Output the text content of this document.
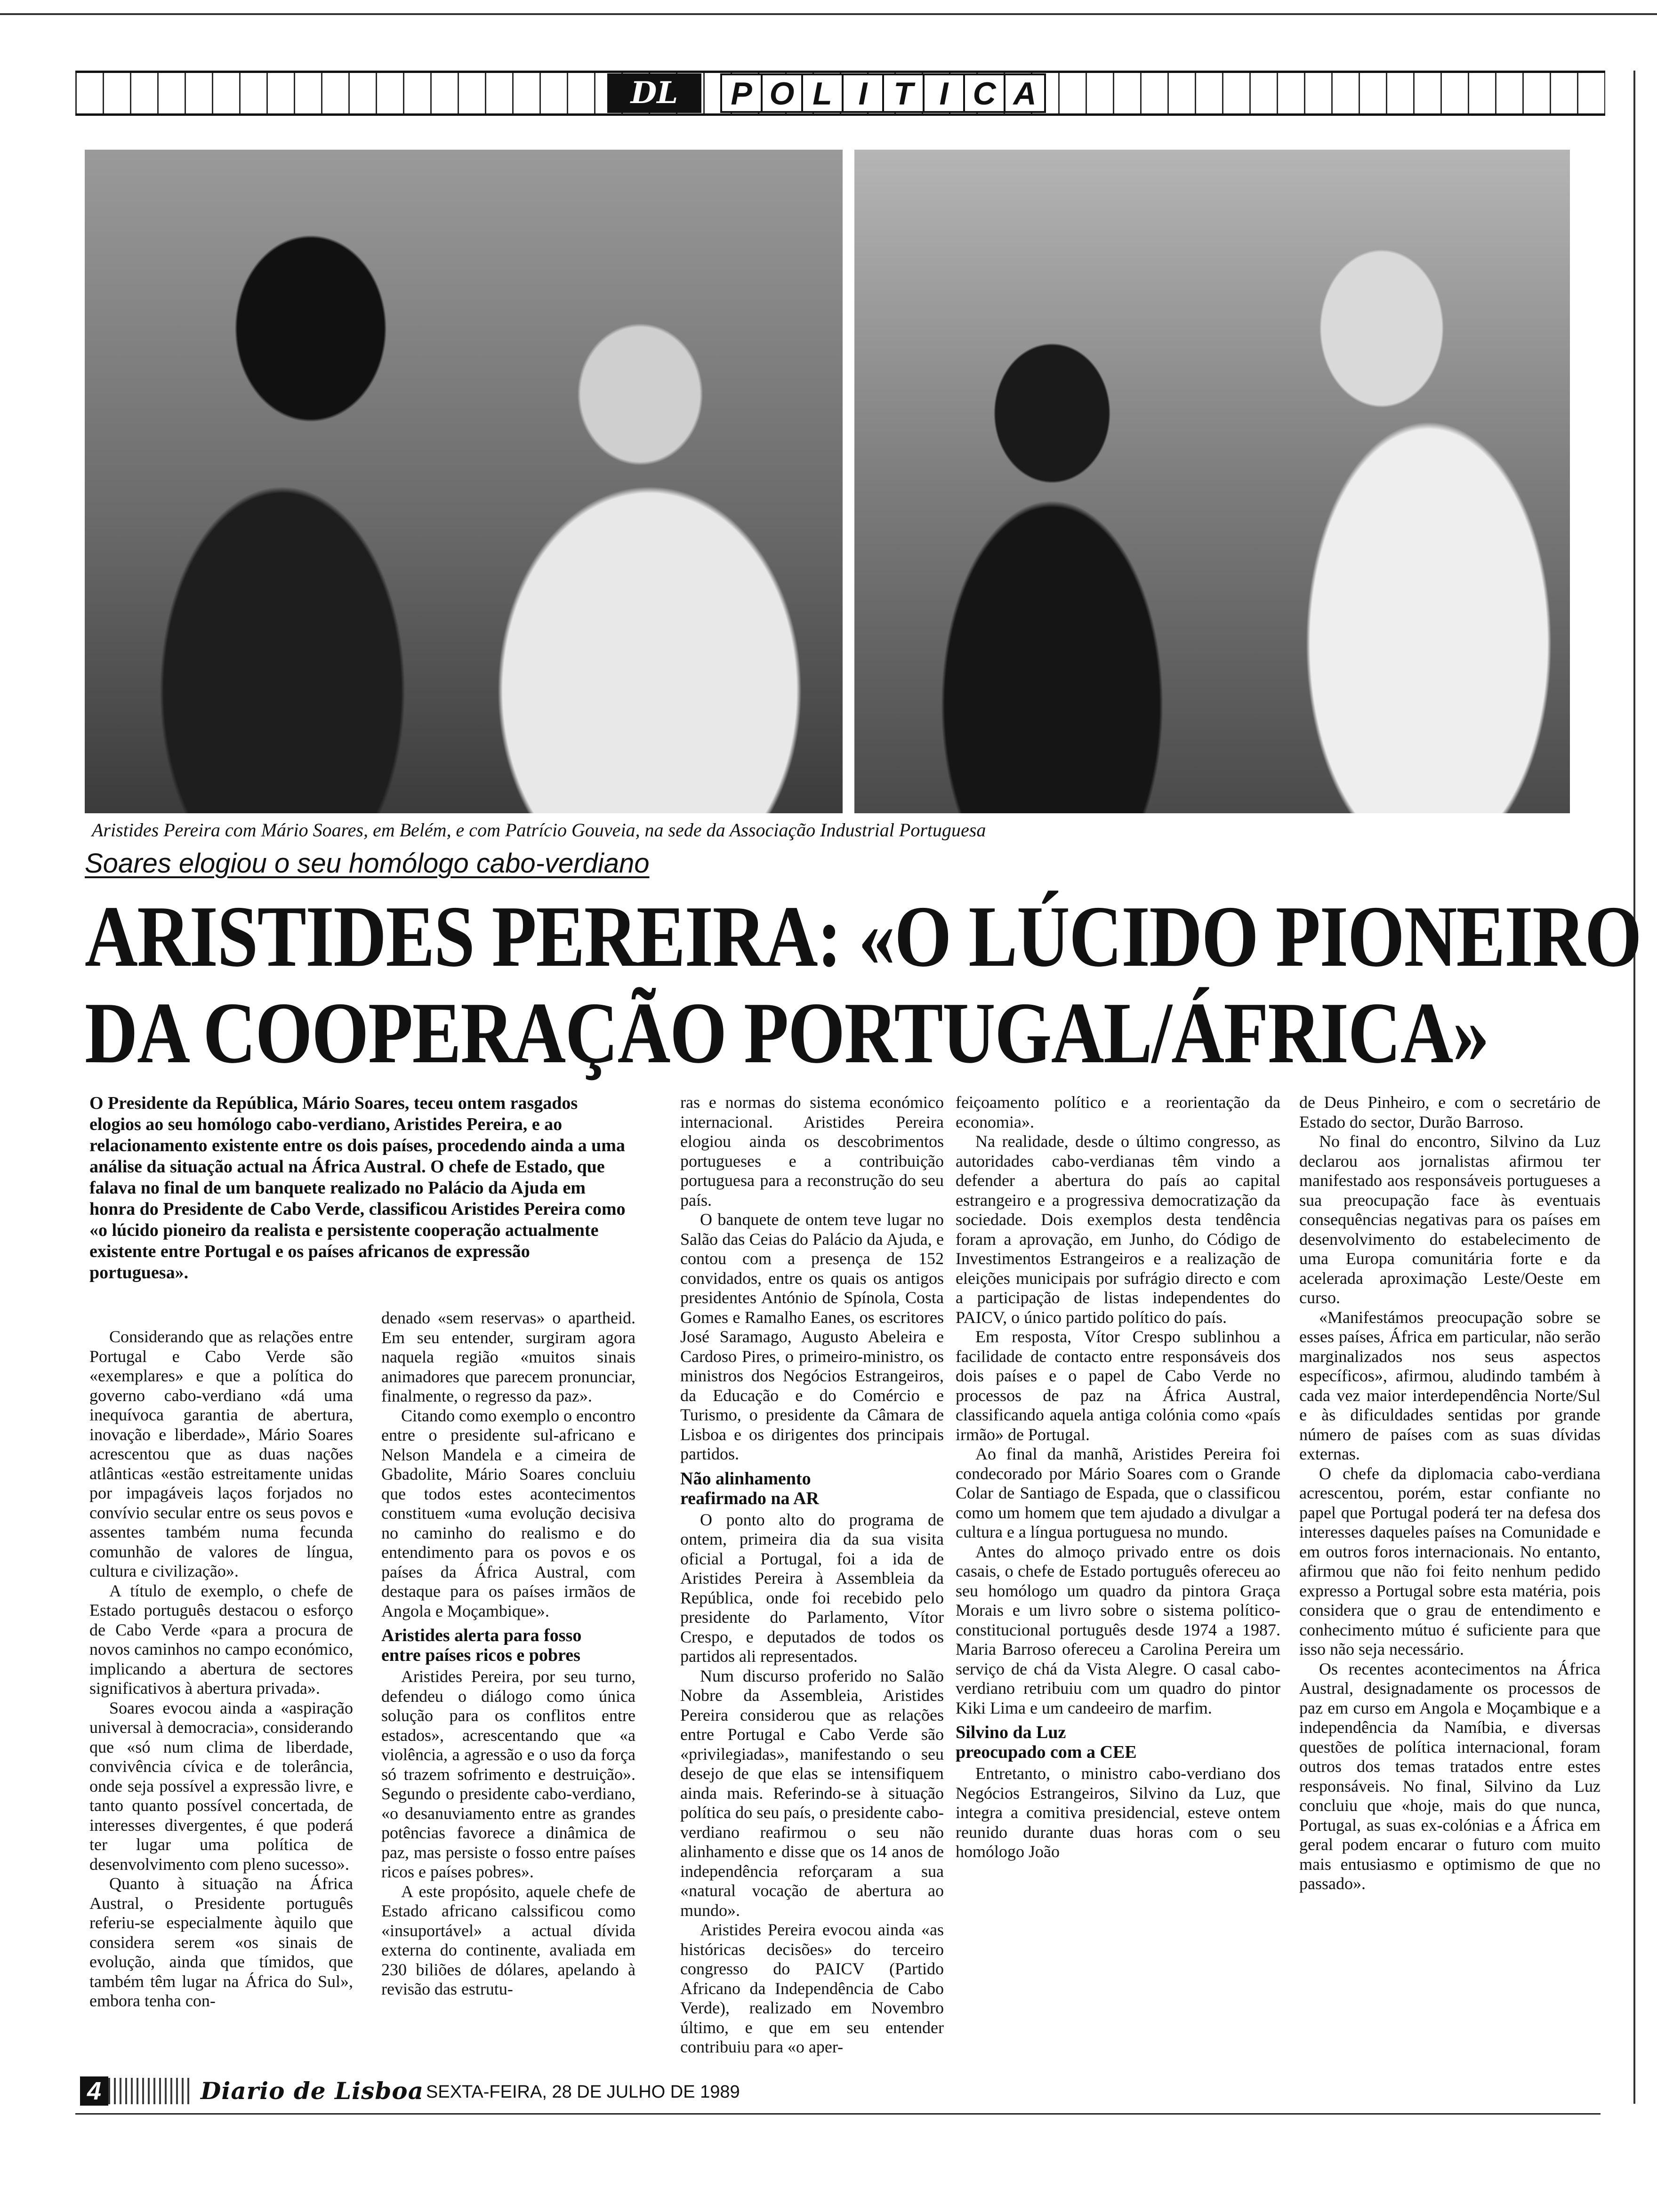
DL	P O L I T I C A
Aristides Pereira com Mário Soares, em Belém, e com Patrício Gouveia, na sede da Associação Industrial Portuguesa
Soares elogiou o seu homólogo cabo-verdiano
ARISTIDES PEREIRA: «O LÚCIDO PIONEIRO
DA COOPERAÇÃO PORTUGAL/ÁFRICA»
O Presidente da República, Mário Soares, teceu ontem rasgados elogios ao seu homólogo cabo-verdiano, Aristides Pereira, e ao relacionamento existente entre os dois países, procedendo ainda a uma análise da situação actual na África Austral. O chefe de Estado, que falava no final de um banquete realizado no Palácio da Ajuda em honra do Presidente de Cabo Verde, classificou Aristides Pereira como «o lúcido pioneiro da realista e persistente cooperação actualmente existente entre Portugal e os países africanos de expressão portuguesa».

Considerando que as relações entre Portugal e Cabo Verde são «exemplares» e que a política do governo cabo-verdiano «dá uma inequívoca garantia de abertura, inovação e liberdade», Mário Soares acrescentou que as duas nações atlânticas «estão estreitamente unidas por impagáveis laços forjados no convívio secular entre os seus povos e assentes também numa fecunda comunhão de valores de língua, cultura e civilização».

A título de exemplo, o chefe de Estado português destacou o esforço de Cabo Verde «para a procura de novos caminhos no campo económico, implicando a abertura de sectores significativos à abertura privada».

Soares evocou ainda a «aspiração universal à democracia», considerando que «só num clima de liberdade, convivência cívica e de tolerância, onde seja possível a expressão livre, e tanto quanto possível concertada, de interesses divergentes, é que poderá ter lugar uma política de desenvolvimento com pleno sucesso».

Quanto à situação na África Austral, o Presidente português referiu-se especialmente àquilo que considera serem «os sinais de evolução, ainda que tímidos, que também têm lugar na África do Sul», embora tenha con-

denado «sem reservas» o apartheid. Em seu entender, surgiram agora naquela região «muitos sinais animadores que parecem pronunciar, finalmente, o regresso da paz».

Citando como exemplo o encontro entre o presidente sul-africano e Nelson Mandela e a cimeira de Gbadolite, Mário Soares concluiu que todos estes acontecimentos constituem «uma evolução decisiva no caminho do realismo e do entendimento para os povos e os países da África Austral, com destaque para os países irmãos de Angola e Moçambique».

Aristides alerta para fosso
entre países ricos e pobres

Aristides Pereira, por seu turno, defendeu o diálogo como única solução para os conflitos entre estados», acrescentando que «a violência, a agressão e o uso da força só trazem sofrimento e destruição». Segundo o presidente cabo-verdiano, «o desanuviamento entre as grandes potências favorece a dinâmica de paz, mas persiste o fosso entre países ricos e países pobres».

A este propósito, aquele chefe de Estado africano calssificou como «insuportável» a actual dívida externa do continente, avaliada em 230 biliões de dólares, apelando à revisão das estrutu-

ras e normas do sistema económico internacional. Aristides Pereira elogiou ainda os descobrimentos portugueses e a contribuição portuguesa para a reconstrução do seu país.

O banquete de ontem teve lugar no Salão das Ceias do Palácio da Ajuda, e contou com a presença de 152 convidados, entre os quais os antigos presidentes António de Spínola, Costa Gomes e Ramalho Eanes, os escritores José Saramago, Augusto Abeleira e Cardoso Pires, o primeiro-ministro, os ministros dos Negócios Estrangeiros, da Educação e do Comércio e Turismo, o presidente da Câmara de Lisboa e os dirigentes dos principais partidos.

Não alinhamento
reafirmado na AR

O ponto alto do programa de ontem, primeira dia da sua visita oficial a Portugal, foi a ida de Aristides Pereira à Assembleia da República, onde foi recebido pelo presidente do Parlamento, Vítor Crespo, e deputados de todos os partidos ali representados.

Num discurso proferido no Salão Nobre da Assembleia, Aristides Pereira considerou que as relações entre Portugal e Cabo Verde são «privilegiadas», manifestando o seu desejo de que elas se intensifiquem ainda mais. Referindo-se à situação política do seu país, o presidente cabo-verdiano reafirmou o seu não alinhamento e disse que os 14 anos de independência reforçaram a sua «natural vocação de abertura ao mundo».

Aristides Pereira evocou ainda «as históricas decisões» do terceiro congresso do PAICV (Partido Africano da Independência de Cabo Verde), realizado em Novembro último, e que em seu entender contribuiu para «o aper-

feiçoamento político e a reorientação da economia».

Na realidade, desde o último congresso, as autoridades cabo-verdianas têm vindo a defender a abertura do país ao capital estrangeiro e a progressiva democratização da sociedade. Dois exemplos desta tendência foram a aprovação, em Junho, do Código de Investimentos Estrangeiros e a realização de eleições municipais por sufrágio directo e com a participação de listas independentes do PAICV, o único partido político do país.

Em resposta, Vítor Crespo sublinhou a facilidade de contacto entre responsáveis dos dois países e o papel de Cabo Verde no processos de paz na África Austral, classificando aquela antiga colónia como «país irmão» de Portugal.

Ao final da manhã, Aristides Pereira foi condecorado por Mário Soares com o Grande Colar de Santiago de Espada, que o classificou como um homem que tem ajudado a divulgar a cultura e a língua portuguesa no mundo.

Antes do almoço privado entre os dois casais, o chefe de Estado português ofereceu ao seu homólogo um quadro da pintora Graça Morais e um livro sobre o sistema político-constitucional português desde 1974 a 1987. Maria Barroso ofereceu a Carolina Pereira um serviço de chá da Vista Alegre. O casal cabo-verdiano retribuiu com um quadro do pintor Kiki Lima e um candeeiro de marfim.

Silvino da Luz
preocupado com a CEE

Entretanto, o ministro cabo-verdiano dos Negócios Estrangeiros, Silvino da Luz, que integra a comitiva presidencial, esteve ontem reunido durante duas horas com o seu homólogo João

de Deus Pinheiro, e com o secretário de Estado do sector, Durão Barroso.

No final do encontro, Silvino da Luz declarou aos jornalistas afirmou ter manifestado aos responsáveis portugueses a sua preocupação face às eventuais consequências negativas para os países em desenvolvimento do estabelecimento de uma Europa comunitária forte e da acelerada aproximação Leste/Oeste em curso.

«Manifestámos preocupação sobre se esses países, África em particular, não serão marginalizados nos seus aspectos específicos», afirmou, aludindo também à cada vez maior interdependência Norte/Sul e às dificuldades sentidas por grande número de países com as suas dívidas externas.

O chefe da diplomacia cabo-verdiana acrescentou, porém, estar confiante no papel que Portugal poderá ter na defesa dos interesses daqueles países na Comunidade e em outros foros internacionais. No entanto, afirmou que não foi feito nenhum pedido expresso a Portugal sobre esta matéria, pois considera que o grau de entendimento e conhecimento mútuo é suficiente para que isso não seja necessário.

Os recentes acontecimentos na África Austral, designadamente os processos de paz em curso em Angola e Moçambique e a independência da Namíbia, e diversas questões de política internacional, foram outros dos temas tratados entre estes responsáveis. No final, Silvino da Luz concluiu que «hoje, mais do que nunca, Portugal, as suas ex-colónias e a África em geral podem encarar o futuro com muito mais entusiasmo e optimismo de que no passado».

4	Diario de Lisboa SEXTA-FEIRA, 28 DE JULHO DE 1989
